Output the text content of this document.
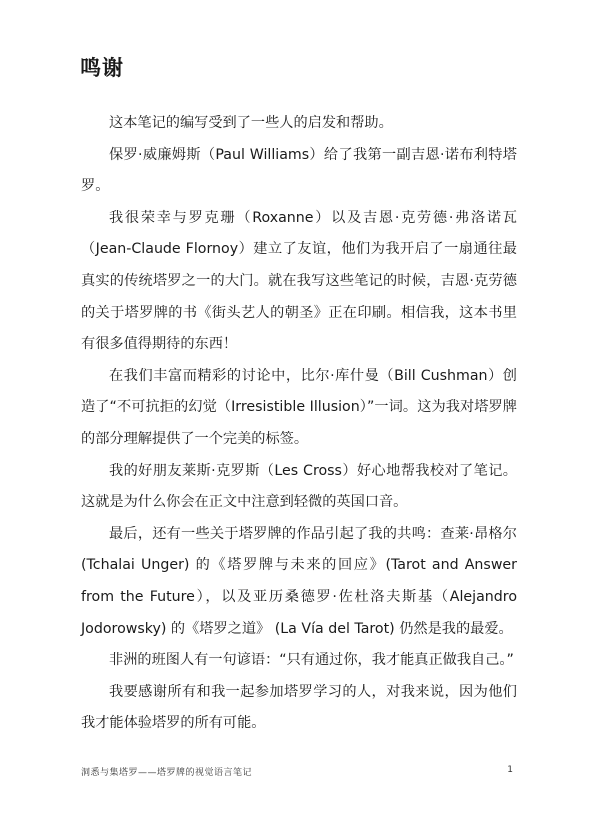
鸣谢

这本笔记的编写受到了一些人的启发和帮助。

保罗·威廉姆斯（Paul Williams）给了我第一副吉恩·诺布利特塔罗。

我很荣幸与罗克珊（Roxanne）以及吉恩·克劳德·弗洛诺瓦（Jean-Claude Flornoy）建立了友谊，他们为我开启了一扇通往最真实的传统塔罗之一的大门。就在我写这些笔记的时候，吉恩·克劳德的关于塔罗牌的书《街头艺人的朝圣》正在印刷。相信我，这本书里有很多值得期待的东西！

在我们丰富而精彩的讨论中，比尔·库什曼（Bill Cushman）创造了“不可抗拒的幻觉（Irresistible Illusion）”一词。这为我对塔罗牌的部分理解提供了一个完美的标签。

我的好朋友莱斯·克罗斯（Les Cross）好心地帮我校对了笔记。这就是为什么你会在正文中注意到轻微的英国口音。

最后，还有一些关于塔罗牌的作品引起了我的共鸣：查莱·昂格尔 (Tchalai Unger) 的《塔罗牌与未来的回应》(Tarot and Answer from the Future），以及亚历桑德罗·佐杜洛夫斯基（Alejandro Jodorowsky) 的《塔罗之道》 (La Vía del Tarot) 仍然是我的最爱。

非洲的班图人有一句谚语：“只有通过你，我才能真正做我自己。”

我要感谢所有和我一起参加塔罗学习的人，对我来说，因为他们我才能体验塔罗的所有可能。

洞悉与集塔罗——塔罗牌的视觉语言笔记	1
